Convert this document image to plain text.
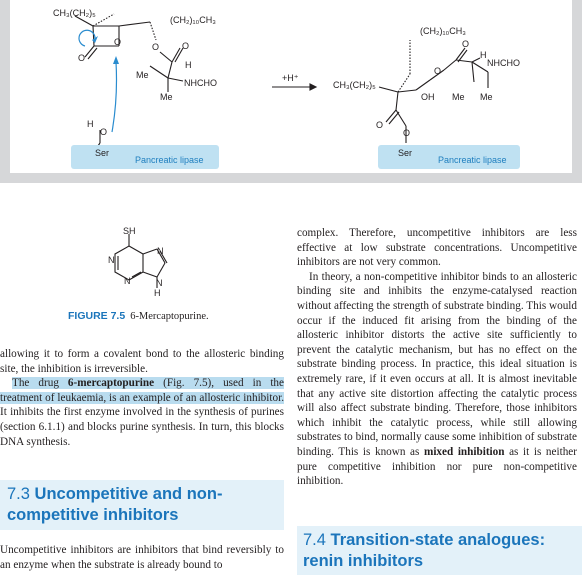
CH₃(CH₂)₅
(CH₂)₁₀CH₃
O
O
O	O
H
Me
NHCHO
Me
H
O
+H⁺
(CH₂)₁₀CH₃
O
H
NHCHO
O
CH₃(CH₂)₅
OH Me Me
O
O
Ser
Pancreatic lipase
Ser
Pancreatic lipase
SH
N
N
N	N
H
FIGURE 7.5 6-Mercaptopurine.

allowing it to form a covalent bond to the allosteric binding site, the inhibition is irreversible.

The drug 6-mercaptopurine (Fig. 7.5), used in the treatment of leukaemia, is an example of an allosteric inhibitor. It inhibits the first enzyme involved in the synthesis of purines (section 6.1.1) and blocks purine synthesis. In turn, this blocks DNA synthesis.

7.3 Uncompetitive and non-competitive inhibitors
Uncompetitive inhibitors are inhibitors that bind reversibly to an enzyme when the substrate is already bound to

complex. Therefore, uncompetitive inhibitors are less effective at low substrate concentrations. Uncompetitive inhibitors are not very common.

In theory, a non-competitive inhibitor binds to an allosteric binding site and inhibits the enzyme-catalysed reaction without affecting the strength of substrate binding. This would occur if the induced fit arising from the binding of the allosteric inhibitor distorts the active site sufficiently to prevent the catalytic mechanism, but has no effect on the substrate binding process. In practice, this ideal situation is extremely rare, if it even occurs at all. It is almost inevitable that any active site distortion affecting the catalytic process will also affect substrate binding. Therefore, those inhibitors which inhibit the catalytic process, while still allowing substrates to bind, normally cause some inhibition of substrate binding. This is known as mixed inhibition as it is neither pure competitive inhibition nor pure non-competitive inhibition.

7.4 Transition-state analogues: renin inhibitors
